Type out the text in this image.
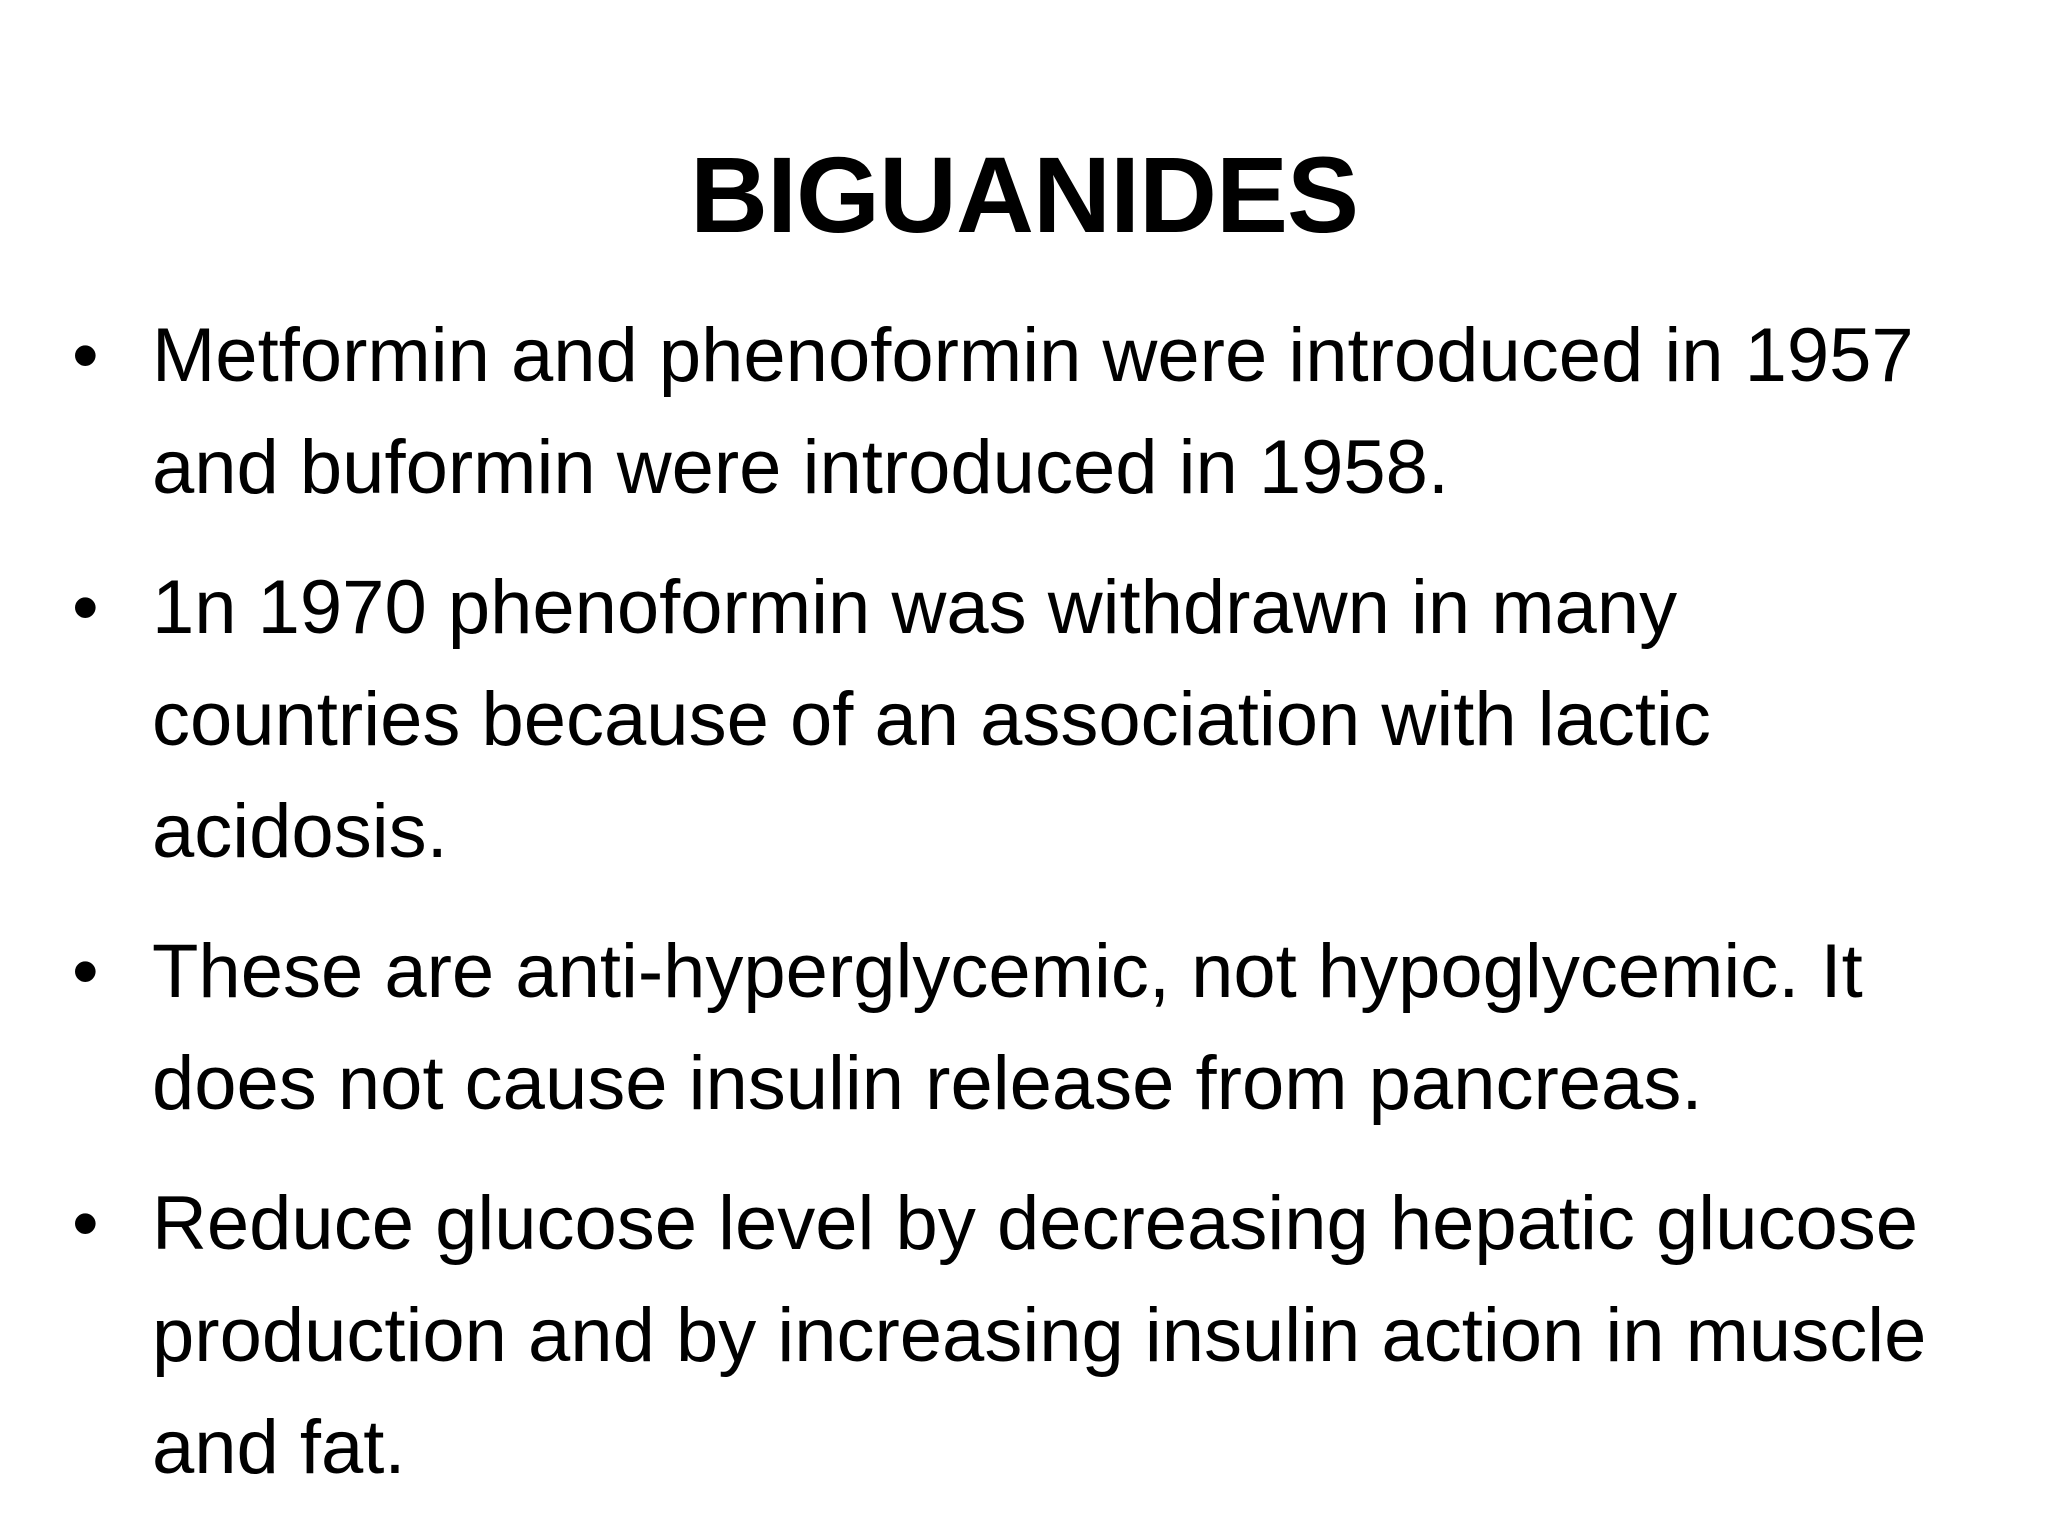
BIGUANIDES
• Metformin and phenoformin were introduced in 1957 and buformin were introduced in 1958.
• 1n 1970 phenoformin was withdrawn in many countries because of an association with lactic acidosis.
• These are anti-hyperglycemic, not hypoglycemic. It does not cause insulin release from pancreas.
• Reduce glucose level by decreasing hepatic glucose production and by increasing insulin action in muscle and fat.
